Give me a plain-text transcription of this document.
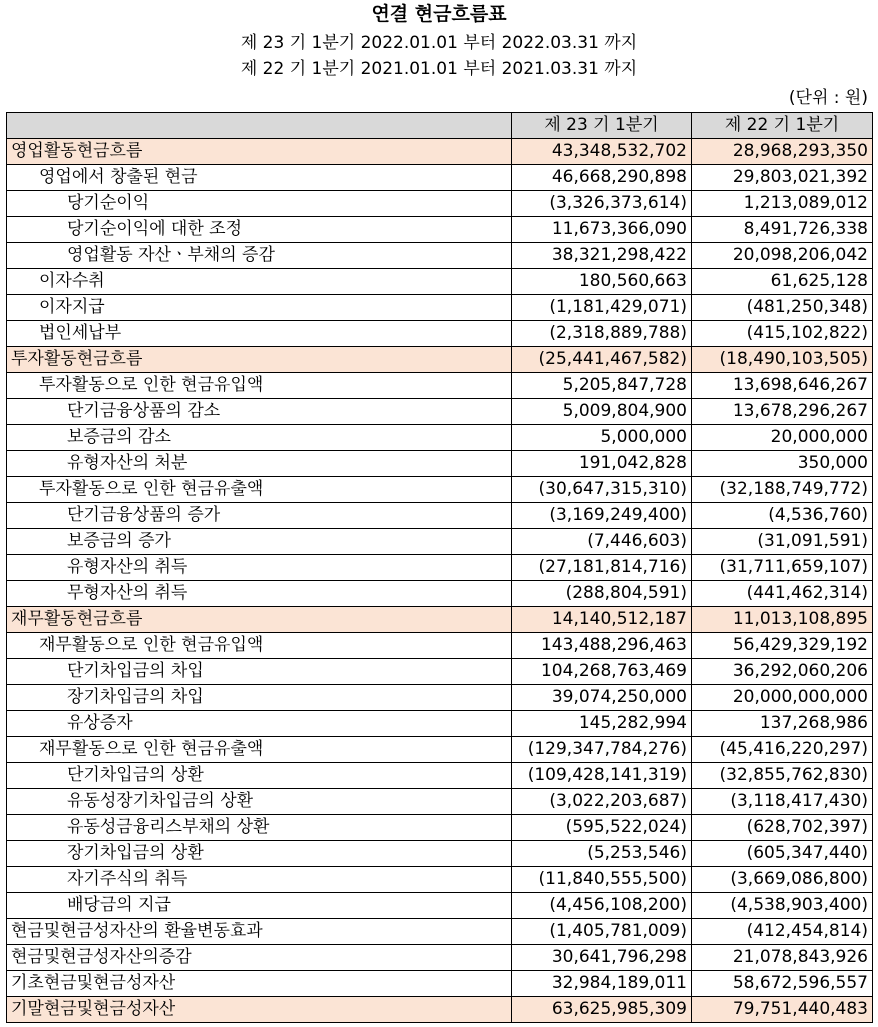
연결 현금흐름표
제 23 기 1분기 2022.01.01 부터 2022.03.31 까지
제 22 기 1분기 2021.01.01 부터 2021.03.31 까지
(단위 : 원)
	제 23 기 1분기	제 22 기 1분기
영업활동현금흐름	43,348,532,702	28,968,293,350
영업에서 창출된 현금	46,668,290,898	29,803,021,392
당기순이익	(3,326,373,614)	1,213,089,012
당기순이익에 대한 조정	11,673,366,090	8,491,726,338
영업활동 자산ㆍ부채의 증감	38,321,298,422	20,098,206,042
이자수취	180,560,663	61,625,128
이자지급	(1,181,429,071)	(481,250,348)
법인세납부	(2,318,889,788)	(415,102,822)
투자활동현금흐름	(25,441,467,582)	(18,490,103,505)
투자활동으로 인한 현금유입액	5,205,847,728	13,698,646,267
단기금융상품의 감소	5,009,804,900	13,678,296,267
보증금의 감소	5,000,000	20,000,000
유형자산의 처분	191,042,828	350,000
투자활동으로 인한 현금유출액	(30,647,315,310)	(32,188,749,772)
단기금융상품의 증가	(3,169,249,400)	(4,536,760)
보증금의 증가	(7,446,603)	(31,091,591)
유형자산의 취득	(27,181,814,716)	(31,711,659,107)
무형자산의 취득	(288,804,591)	(441,462,314)
재무활동현금흐름	14,140,512,187	11,013,108,895
재무활동으로 인한 현금유입액	143,488,296,463	56,429,329,192
단기차입금의 차입	104,268,763,469	36,292,060,206
장기차입금의 차입	39,074,250,000	20,000,000,000
유상증자	145,282,994	137,268,986
재무활동으로 인한 현금유출액	(129,347,784,276)	(45,416,220,297)
단기차입금의 상환	(109,428,141,319)	(32,855,762,830)
유동성장기차입금의 상환	(3,022,203,687)	(3,118,417,430)
유동성금융리스부채의 상환	(595,522,024)	(628,702,397)
장기차입금의 상환	(5,253,546)	(605,347,440)
자기주식의 취득	(11,840,555,500)	(3,669,086,800)
배당금의 지급	(4,456,108,200)	(4,538,903,400)
현금및현금성자산의 환율변동효과	(1,405,781,009)	(412,454,814)
현금및현금성자산의증감	30,641,796,298	21,078,843,926
기초현금및현금성자산	32,984,189,011	58,672,596,557
기말현금및현금성자산	63,625,985,309	79,751,440,483
